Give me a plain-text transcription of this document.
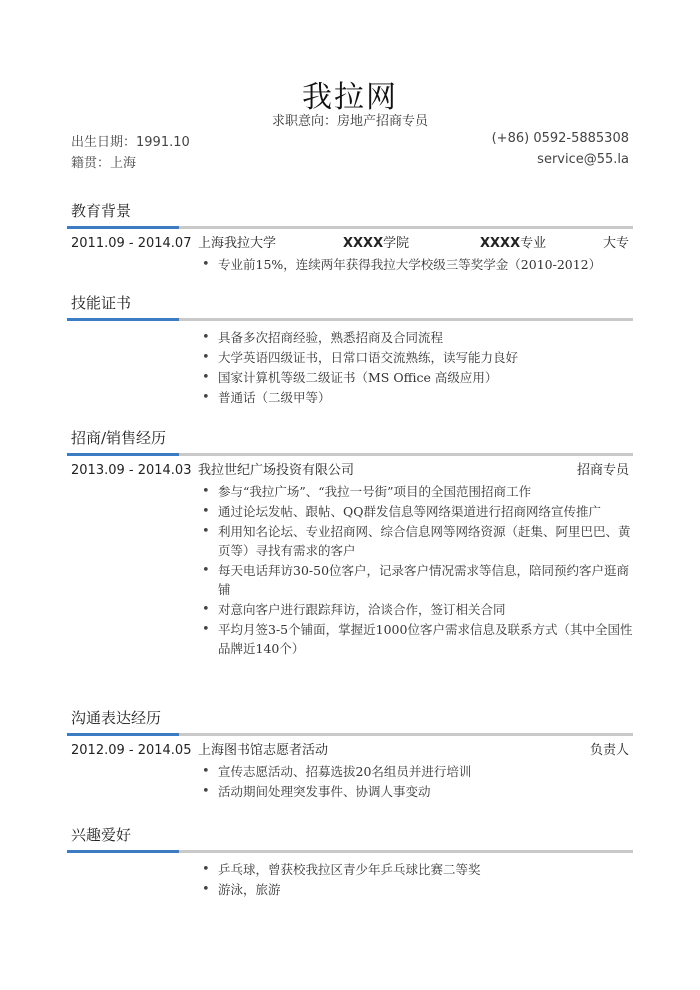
我拉网
求职意向：房地产招商专员
出生日期：1991.10
籍贯：上海
(+86) 0592-5885308
service@55.la
教育背景
2011.09 - 2014.07 上海我拉大学	XXXX学院	XXXX专业	大专
• 专业前15%，连续两年获得我拉大学校级三等奖学金（2010-2012）
技能证书
• 具备多次招商经验，熟悉招商及合同流程
• 大学英语四级证书，日常口语交流熟练，读写能力良好
• 国家计算机等级二级证书（MS Office 高级应用）
• 普通话（二级甲等）
招商/销售经历
2013.09 - 2014.03 我拉世纪广场投资有限公司	招商专员
• 参与“我拉广场”、“我拉一号街”项目的全国范围招商工作
• 通过论坛发帖、跟帖、QQ群发信息等网络渠道进行招商网络宣传推广
• 利用知名论坛、专业招商网、综合信息网等网络资源（赶集、阿里巴巴、黄页等）寻找有需求的客户
• 每天电话拜访30-50位客户，记录客户情况需求等信息，陪同预约客户逛商铺
• 对意向客户进行跟踪拜访，洽谈合作，签订相关合同
• 平均月签3-5个铺面，掌握近1000位客户需求信息及联系方式（其中全国性品牌近140个）
沟通表达经历
2012.09 - 2014.05 上海图书馆志愿者活动	负责人
• 宣传志愿活动、招募选拔20名组员并进行培训
• 活动期间处理突发事件、协调人事变动
兴趣爱好
• 乒乓球，曾获校我拉区青少年乒乓球比赛二等奖
• 游泳，旅游
